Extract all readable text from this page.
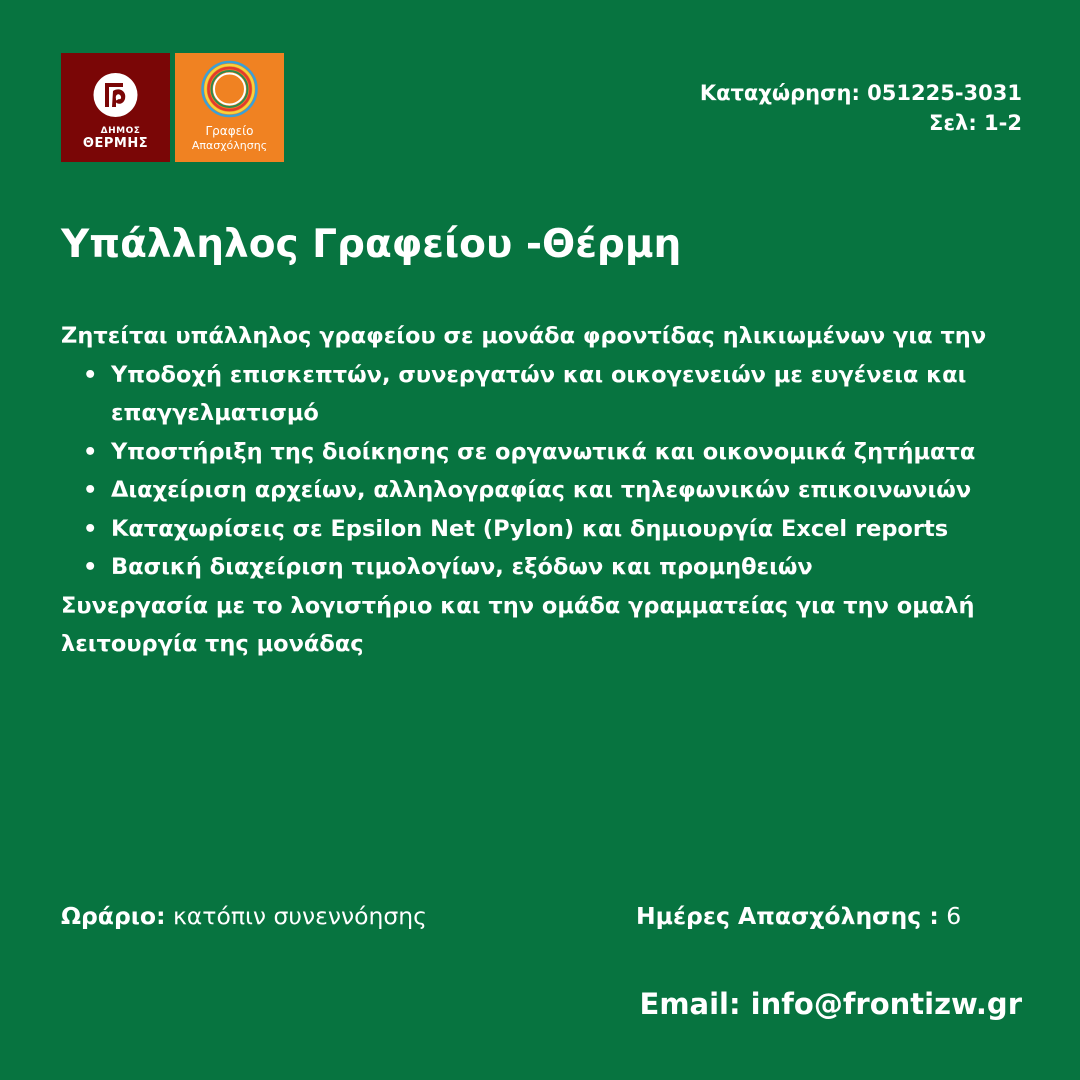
ΔΗΜΟΣ
ΘΕΡΜΗΣ
Γραφείο
Απασχόλησης
Καταχώρηση: 051225-3031
Σελ: 1-2
Υπάλληλος Γραφείου -Θέρμη

Ζητείται υπάλληλος γραφείου σε μονάδα φροντίδας ηλικιωμένων για την

• Υποδοχή επισκεπτών, συνεργατών και οικογενειών με ευγένεια και επαγγελματισμό
• Υποστήριξη της διοίκησης σε οργανωτικά και οικονομικά ζητήματα
• Διαχείριση αρχείων, αλληλογραφίας και τηλεφωνικών επικοινωνιών
• Καταχωρίσεις σε Epsilon Net (Pylon) και δημιουργία Excel reports
• Βασική διαχείριση τιμολογίων, εξόδων και προμηθειών

Συνεργασία με το λογιστήριο και την ομάδα γραμματείας για την ομαλή λειτουργία της μονάδας

Ωράριο: κατόπιν συνεννόησης	Ημέρες Απασχόλησης : 6
Email: info@frontizw.gr
